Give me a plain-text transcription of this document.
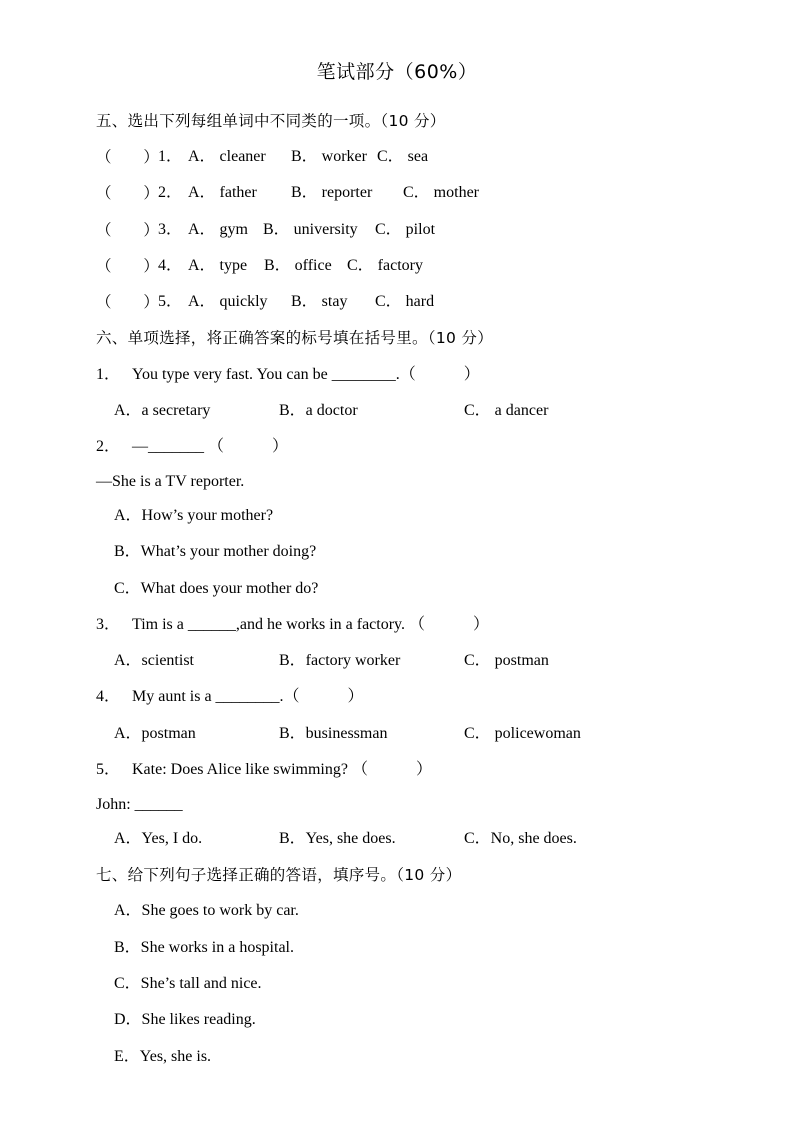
笔试部分（60%）
五、选出下列每组单词中不同类的一项。（10 分）
（　　）
1． A． cleaner B． worker C． sea
（　　）
2． A． father B． reporter C． mother
（　　）
3． A． gym B． university C． pilot
（　　）
4． A． type B． office C． factory
（　　）
5． A． quickly B． stay C． hard
六、单项选择，将正确答案的标号填在括号里。（10 分）
1． You type very fast. You can be ________.（　　　）
A．a secretary	B．a doctor	C． a dancer
2． —_______ （　　　）
—She is a TV reporter.
A．How’s your mother?
B．What’s your mother doing?
C．What does your mother do?
3． Tim is a ______,and he works in a factory. （　　　）
A．scientist	B．factory worker	C． postman
4． My aunt is a ________.（　　　）
A．postman	B．businessman	C． policewoman
5． Kate: Does Alice like swimming? （　　　）
John: ______
A．Yes, I do.	B．Yes, she does.	C．No, she does.
七、给下列句子选择正确的答语，填序号。（10 分）
A．She goes to work by car.
B．She works in a hospital.
C．She’s tall and nice.
D．She likes reading.
E．Yes, she is.
